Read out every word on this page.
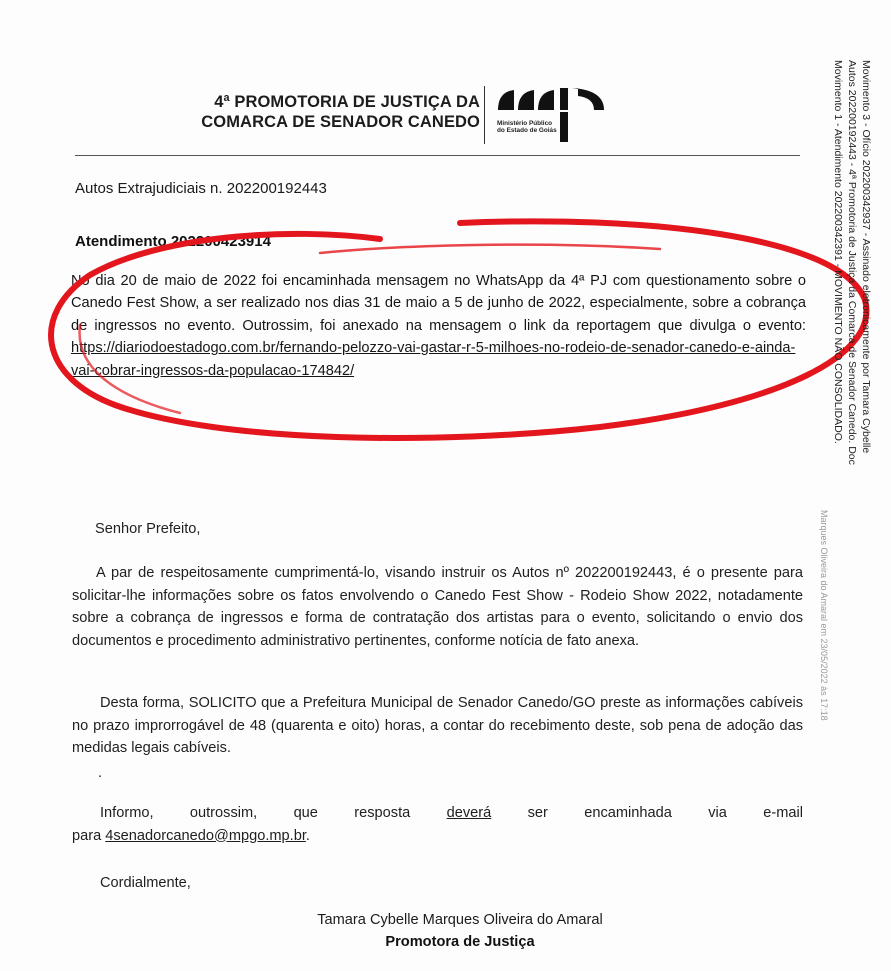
4ª PROMOTORIA DE JUSTIÇA DA
COMARCA DE SENADOR CANEDO	Ministério Público
do Estado de Goiás
Autos Extrajudiciais n. 202200192443
Atendimento 202200423914
No dia 20 de maio de 2022 foi encaminhada mensagem no WhatsApp da 4ª PJ com questionamento sobre o Canedo Fest Show, a ser realizado nos dias 31 de maio a 5 de junho de 2022, especialmente, sobre a cobrança de ingressos no evento. Outrossim, foi anexado na mensagem o link da reportagem que divulga o evento: https://diariodoestadogo.com.br/fernando-pelozzo-vai-gastar-r-5-milhoes-no-rodeio-de-senador-canedo-e-ainda-vai-cobrar-ingressos-da-populacao-174842/	Movimento 3 - Ofício 202200342937 - Assinado eletronicamente por Tamara Cybelle
Autos 202200192443 - 4ª Promotoria de Justiça da Comarca de Senador Canedo. Doc
Movimento 1 - Atendimento 202200342391 - MOVIMENTO NÃO CONSOLIDADO.
Marques Oliveira do Amaral em 23/05/2022 às 17:18
Senhor Prefeito,
A par de respeitosamente cumprimentá-lo, visando instruir os Autos nº 202200192443, é o presente para solicitar-lhe informações sobre os fatos envolvendo o Canedo Fest Show - Rodeio Show 2022, notadamente sobre a cobrança de ingressos e forma de contratação dos artistas para o evento, solicitando o envio dos documentos e procedimento administrativo pertinentes, conforme notícia de fato anexa.
Desta forma, SOLICITO que a Prefeitura Municipal de Senador Canedo/GO preste as informações cabíveis no prazo improrrogável de 48 (quarenta e oito) horas, a contar do recebimento deste, sob pena de adoção das medidas legais cabíveis.
.
Informo, outrossim, que resposta deverá ser encaminhada via e-mail
para 4senadorcanedo@mpgo.mp.br.
Cordialmente,
Tamara Cybelle Marques Oliveira do Amaral
Promotora de Justiça
